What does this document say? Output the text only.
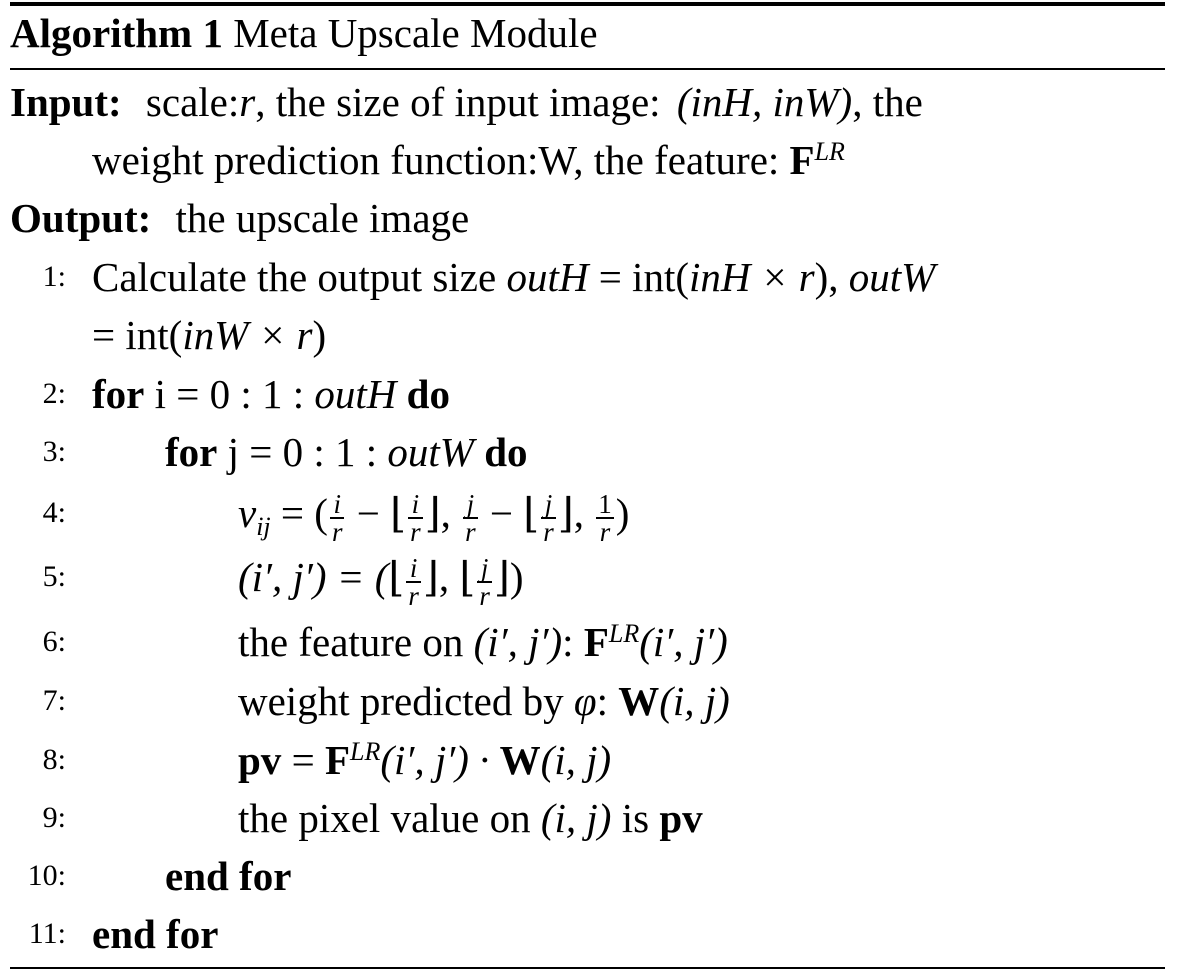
Algorithm 1 Meta Upscale Module
Input: scale:r, the size of input image: (inH, inW), the
weight prediction function:W, the feature: $F^{LR}$
Output: the upscale image
1: Calculate the output size outH = int(inH × r), outW
= int(inW × r)
2: for i = 0 : 1 : outH do
3: for j = 0 : 1 : outW do
4:	$v_{ij}$ = ( $\frac{i}{r}$ − ⌊ $\frac{i}{r}$ ⌋, $\frac{j}{r}$ − ⌊ $\frac{j}{r}$ ⌋, $\frac{1}{r}$ )
5:	(i′, j′) = (⌊ $\frac{i}{r}$ ⌋, ⌊ $\frac{j}{r}$ ⌋)
6:	the feature on (i′, j′): $F^{LR}(i'$, j′)
7:	weight predicted by φ: W(i, j)
8:	pv = $F^{LR}(i'$, j′) · W(i, j)
9:	the pixel value on (i, j) is pv
10: end for
11: end for
